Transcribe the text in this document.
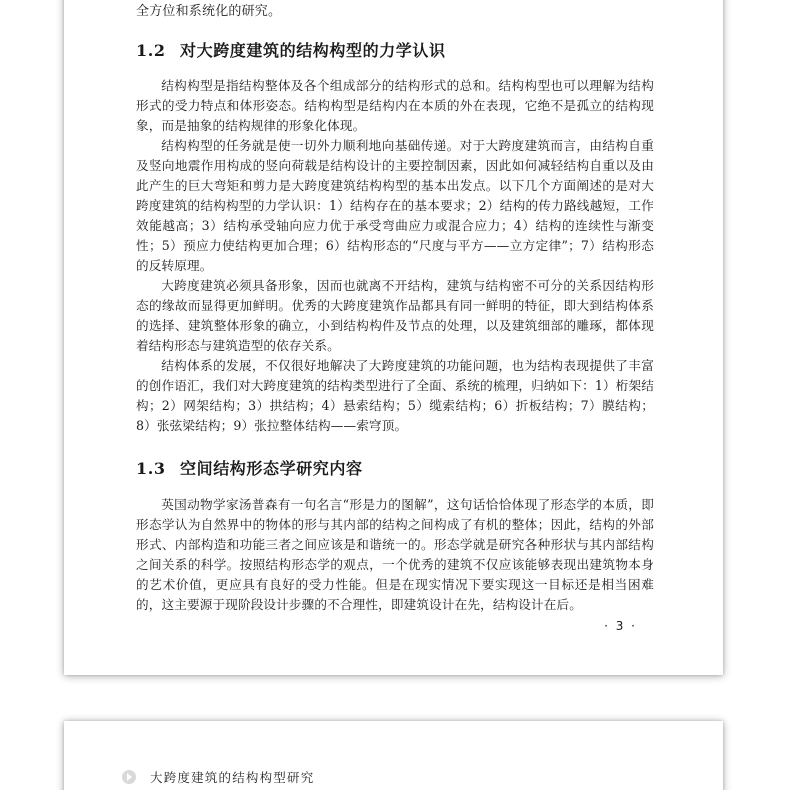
全方位和系统化的研究。
1.2 对大跨度建筑的结构构型的力学认识

结构构型是指结构整体及各个组成部分的结构形式的总和。结构构型也可以理解为结构形式的受力特点和体形姿态。结构构型是结构内在本质的外在表现，它绝不是孤立的结构现象，而是抽象的结构规律的形象化体现。

结构构型的任务就是使一切外力顺利地向基础传递。对于大跨度建筑而言，由结构自重及竖向地震作用构成的竖向荷载是结构设计的主要控制因素，因此如何减轻结构自重以及由此产生的巨大弯矩和剪力是大跨度建筑结构构型的基本出发点。以下几个方面阐述的是对大跨度建筑的结构构型的力学认识：1）结构存在的基本要求；2）结构的传力路线越短，工作效能越高；3）结构承受轴向应力优于承受弯曲应力或混合应力；4）结构的连续性与渐变性；5）预应力使结构更加合理；6）结构形态的“尺度与平方——立方定律”；7）结构形态的反转原理。

大跨度建筑必须具备形象，因而也就离不开结构，建筑与结构密不可分的关系因结构形态的缘故而显得更加鲜明。优秀的大跨度建筑作品都具有同一鲜明的特征，即大到结构体系的选择、建筑整体形象的确立，小到结构构件及节点的处理，以及建筑细部的雕琢，都体现着结构形态与建筑造型的依存关系。

结构体系的发展，不仅很好地解决了大跨度建筑的功能问题，也为结构表现提供了丰富的创作语汇，我们对大跨度建筑的结构类型进行了全面、系统的梳理，归纳如下：1）桁架结构；2）网架结构；3）拱结构；4）悬索结构；5）缆索结构；6）折板结构；7）膜结构；8）张弦梁结构；9）张拉整体结构——索穹顶。

1.3 空间结构形态学研究内容

英国动物学家汤普森有一句名言“形是力的图解”，这句话恰恰体现了形态学的本质，即形态学认为自然界中的物体的形与其内部的结构之间构成了有机的整体；因此，结构的外部形式、内部构造和功能三者之间应该是和谐统一的。形态学就是研究各种形状与其内部结构之间关系的科学。按照结构形态学的观点，一个优秀的建筑不仅应该能够表现出建筑物本身的艺术价值，更应具有良好的受力性能。但是在现实情况下要实现这一目标还是相当困难的，这主要源于现阶段设计步骤的不合理性，即建筑设计在先，结构设计在后。

· 3 ·
大跨度建筑的结构构型研究
